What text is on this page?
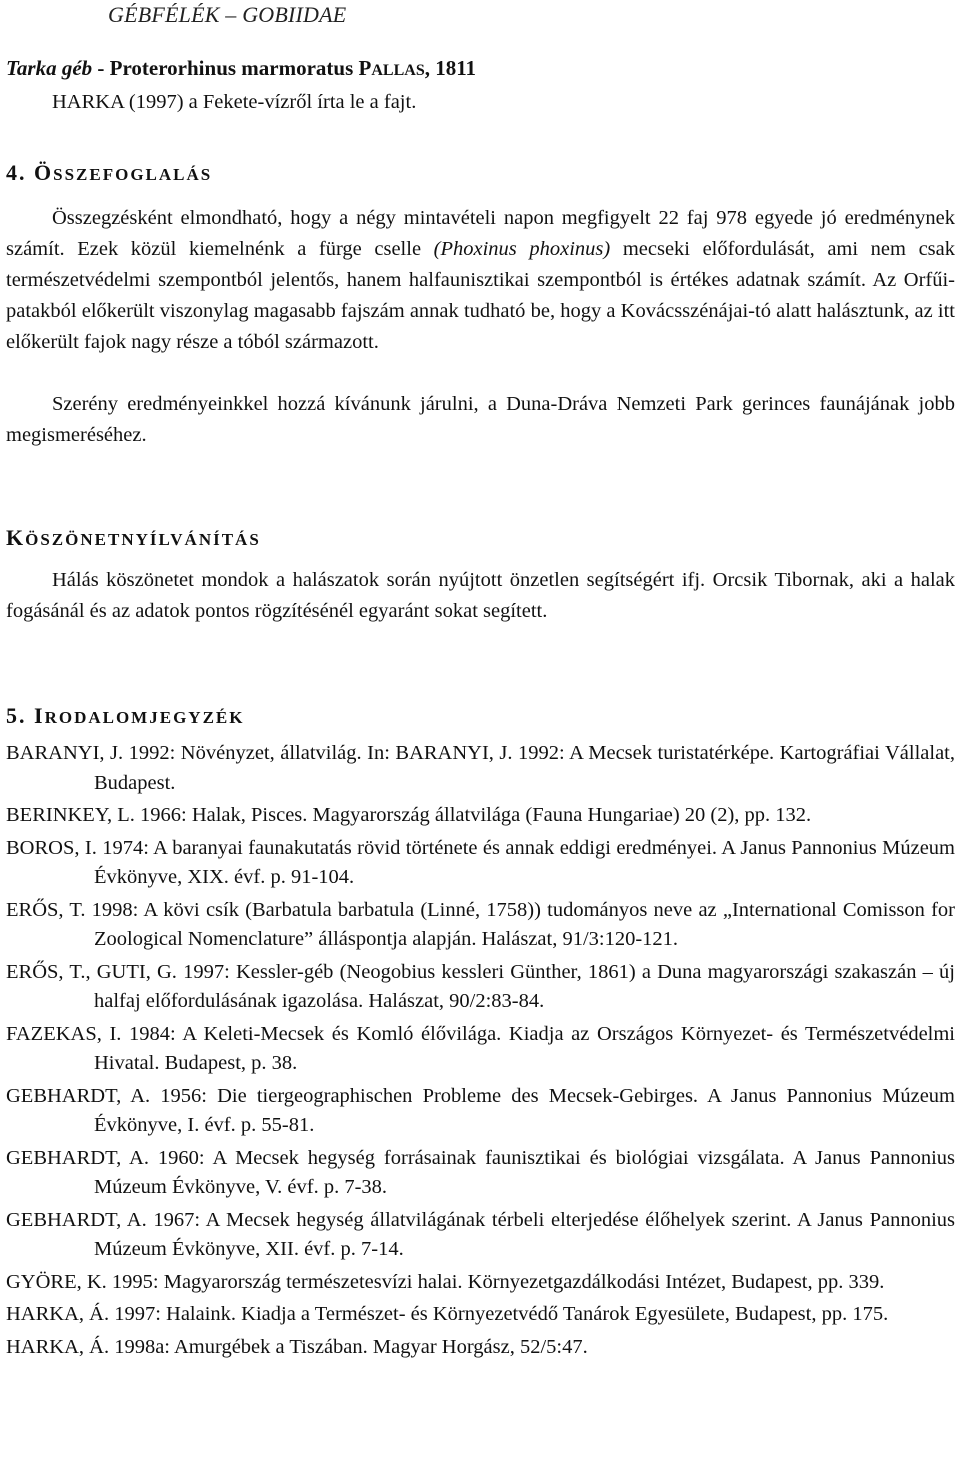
GÉBFÉLÉK – GOBIIDAE
Tarka géb - Proterorhinus marmoratus PALLAS, 1811
HARKA (1997) a Fekete-vízről írta le a fajt.
4. ÖSSZEFOGLALÁS
Összegzésként elmondható, hogy a négy mintavételi napon megfigyelt 22 faj 978 egyede jó eredménynek számít. Ezek közül kiemelnénk a fürge cselle (Phoxinus phoxinus) mecseki előfordulását, ami nem csak természetvédelmi szempontból jelentős, hanem halfaunisztikai szempontból is értékes adatnak számít. Az Orfűi-patakból előkerült viszonylag magasabb fajszám annak tudható be, hogy a Kovácsszénájai-tó alatt halásztunk, az itt előkerült fajok nagy része a tóból származott.
Szerény eredményeinkkel hozzá kívánunk járulni, a Duna-Dráva Nemzeti Park gerinces faunájának jobb megismeréséhez.
KÖSZÖNETNYÍLVÁNÍTÁS
Hálás köszönetet mondok a halászatok során nyújtott önzetlen segítségért ifj. Orcsik Tibornak, aki a halak fogásánál és az adatok pontos rögzítésénél egyaránt sokat segített.
5. IRODALOMJEGYZÉK
BARANYI, J. 1992: Növényzet, állatvilág. In: BARANYI, J. 1992: A Mecsek turistatérképe. Kartográfiai Vállalat, Budapest.
BERINKEY, L. 1966: Halak, Pisces. Magyarország állatvilága (Fauna Hungariae) 20 (2), pp. 132.
BOROS, I. 1974: A baranyai faunakutatás rövid története és annak eddigi eredményei. A Janus Pannonius Múzeum Évkönyve, XIX. évf. p. 91-104.
ERŐS, T. 1998: A kövi csík (Barbatula barbatula (Linné, 1758)) tudományos neve az „International Comisson for Zoological Nomenclature” álláspontja alapján. Halászat, 91/3:120-121.
ERŐS, T., GUTI, G. 1997: Kessler-géb (Neogobius kessleri Günther, 1861) a Duna magyarországi szakaszán – új halfaj előfordulásának igazolása. Halászat, 90/2:83-84.
FAZEKAS, I. 1984: A Keleti-Mecsek és Komló élővilága. Kiadja az Országos Környezet- és Természetvédelmi Hivatal. Budapest, p. 38.
GEBHARDT, A. 1956: Die tiergeographischen Probleme des Mecsek-Gebirges. A Janus Pannonius Múzeum Évkönyve, I. évf. p. 55-81.
GEBHARDT, A. 1960: A Mecsek hegység forrásainak faunisztikai és biológiai vizsgálata. A Janus Pannonius Múzeum Évkönyve, V. évf. p. 7-38.
GEBHARDT, A. 1967: A Mecsek hegység állatvilágának térbeli elterjedése élőhelyek szerint. A Janus Pannonius Múzeum Évkönyve, XII. évf. p. 7-14.
GYÖRE, K. 1995: Magyarország természetesvízi halai. Környezetgazdálkodási Intézet, Budapest, pp. 339.
HARKA, Á. 1997: Halaink. Kiadja a Természet- és Környezetvédő Tanárok Egyesülete, Budapest, pp. 175.
HARKA, Á. 1998a: Amurgébek a Tiszában. Magyar Horgász, 52/5:47.
